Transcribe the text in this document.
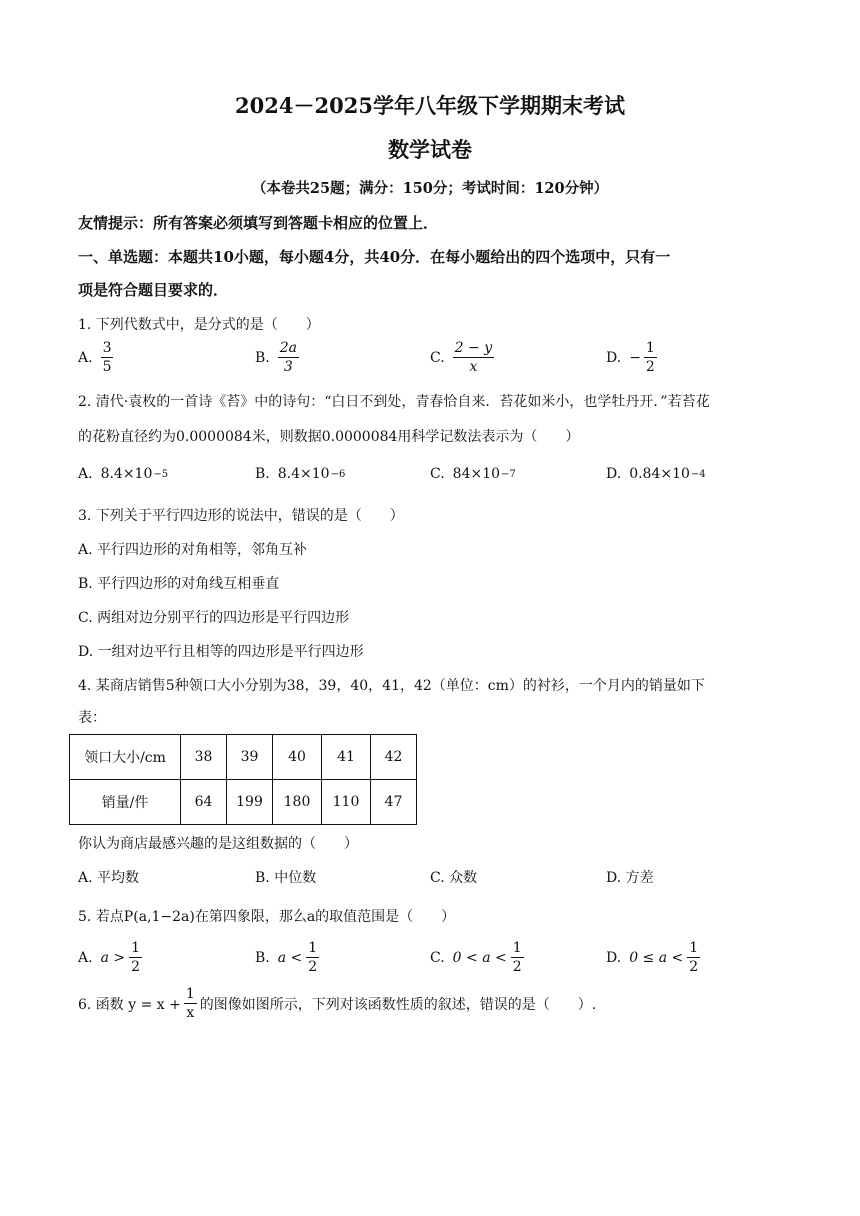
2024－2025学年八年级下学期期末考试
数学试卷
（本卷共25题；满分：150分；考试时间：120分钟）
友情提示：所有答案必须填写到答题卡相应的位置上．
一、单选题：本题共10小题，每小题4分，共40分．在每小题给出的四个选项中，只有一
项是符合题目要求的．
1. 下列代数式中，是分式的是（　　）
A. $\frac{3}{5}$	B. $\frac{2a}{3}$	C. $\frac{2 - y}{x}$	D. − $\frac{1}{2}$
2. 清代·袁枚的一首诗《苔》中的诗句：“白日不到处，青春恰自来．苔花如米小，也学牡丹开．”若苔花
的花粉直径约为0.0000084米，则数据0.0000084用科学记数法表示为（　　）
A. 8.4×10 −5	B. 8.4×10 −6	C. 84×10 −7	D. 0.84×10 −4
3. 下列关于平行四边形的说法中，错误的是（　　）
A. 平行四边形的对角相等，邻角互补
B. 平行四边形的对角线互相垂直
C. 两组对边分别平行的四边形是平行四边形
D. 一组对边平行且相等的四边形是平行四边形
4. 某商店销售5种领口大小分别为38，39，40，41，42（单位：cm）的衬衫，一个月内的销量如下
表：
领口大小/cm	38	39	40	41	42
销量/件	64	199	180	110	47
你认为商店最感兴趣的是这组数据的（　　）
A. 平均数	B. 中位数	C. 众数	D. 方差
5. 若点P(a,1−2a)在第四象限，那么a的取值范围是（　　）
A. $a > \frac{1}{2}$	B. $a < \frac{1}{2}$	C. $0 < a < \frac{1}{2}$	D. $0 \le a < \frac{1}{2}$
6. 函数 $y = x + \frac{1}{x}$ 的图像如图所示，下列对该函数性质的叙述，错误的是（　　）.
